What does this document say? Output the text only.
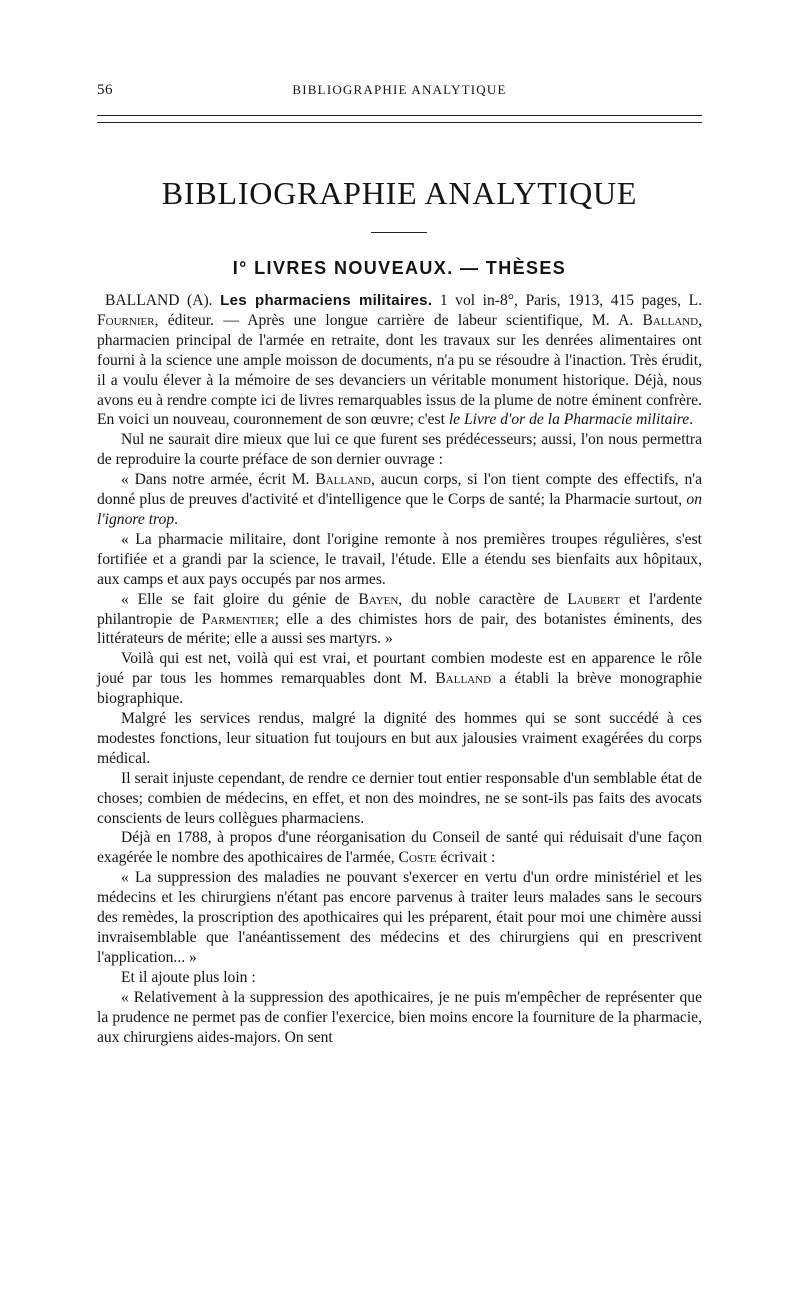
56	BIBLIOGRAPHIE ANALYTIQUE
BIBLIOGRAPHIE ANALYTIQUE
I° LIVRES NOUVEAUX. — THÈSES

BALLAND (A). Les pharmaciens militaires. 1 vol in-8°, Paris, 1913, 415 pages, L. Fournier, éditeur. — Après une longue carrière de labeur scientifique, M. A. Balland, pharmacien principal de l'armée en retraite, dont les travaux sur les denrées alimentaires ont fourni à la science une ample moisson de documents, n'a pu se résoudre à l'inaction. Très érudit, il a voulu élever à la mémoire de ses devanciers un véritable monument historique. Déjà, nous avons eu à rendre compte ici de livres remarquables issus de la plume de notre éminent confrère. En voici un nouveau, couronnement de son œuvre; c'est le Livre d'or de la Pharmacie militaire.

Nul ne saurait dire mieux que lui ce que furent ses prédécesseurs; aussi, l'on nous permettra de reproduire la courte préface de son dernier ouvrage :

« Dans notre armée, écrit M. Balland, aucun corps, si l'on tient compte des effectifs, n'a donné plus de preuves d'activité et d'intelligence que le Corps de santé; la Pharmacie surtout, on l'ignore trop.

« La pharmacie militaire, dont l'origine remonte à nos premières troupes régulières, s'est fortifiée et a grandi par la science, le travail, l'étude. Elle a étendu ses bienfaits aux hôpitaux, aux camps et aux pays occupés par nos armes.

« Elle se fait gloire du génie de Bayen, du noble caractère de Laubert et l'ardente philantropie de Parmentier; elle a des chimistes hors de pair, des botanistes éminents, des littérateurs de mérite; elle a aussi ses martyrs. »

Voilà qui est net, voilà qui est vrai, et pourtant combien modeste est en apparence le rôle joué par tous les hommes remarquables dont M. Balland a établi la brève monographie biographique.

Malgré les services rendus, malgré la dignité des hommes qui se sont succédé à ces modestes fonctions, leur situation fut toujours en but aux jalousies vraiment exagérées du corps médical.

Il serait injuste cependant, de rendre ce dernier tout entier responsable d'un semblable état de choses; combien de médecins, en effet, et non des moindres, ne se sont-ils pas faits des avocats conscients de leurs collègues pharmaciens.

Déjà en 1788, à propos d'une réorganisation du Conseil de santé qui réduisait d'une façon exagérée le nombre des apothicaires de l'armée, Coste écrivait :

« La suppression des maladies ne pouvant s'exercer en vertu d'un ordre ministériel et les médecins et les chirurgiens n'étant pas encore parvenus à traiter leurs malades sans le secours des remèdes, la proscription des apothicaires qui les préparent, était pour moi une chimère aussi invraisemblable que l'anéantissement des médecins et des chirurgiens qui en prescrivent l'application... »

Et il ajoute plus loin :

« Relativement à la suppression des apothicaires, je ne puis m'empêcher de représenter que la prudence ne permet pas de confier l'exercice, bien moins encore la fourniture de la pharmacie, aux chirurgiens aides-majors. On sent
